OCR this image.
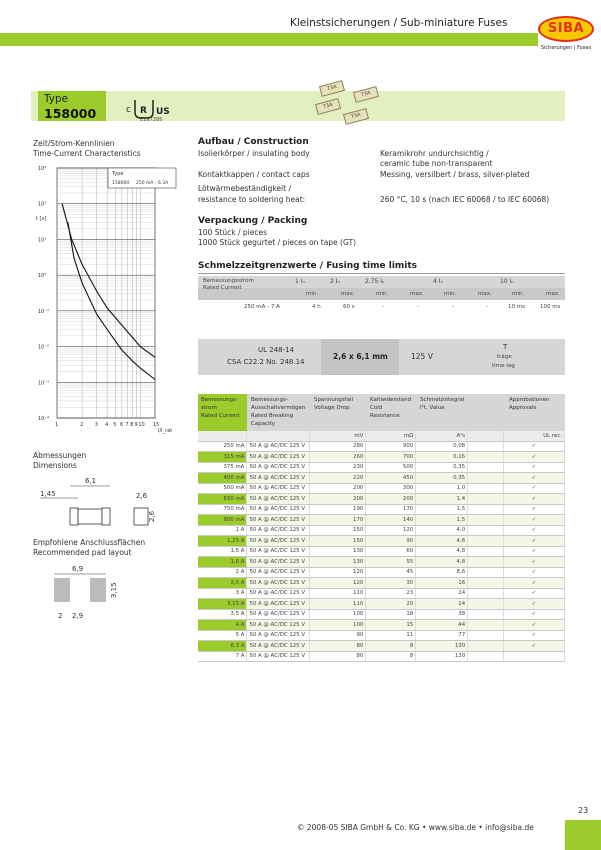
Kleinstsicherungen / Sub-miniature Fuses	SIBA
Sicherungen | Fuses
Type
158000	c R US
E167295
T3A
T3A
T3A
T3A
Zeit/Strom-Kennlinien
Time-Current Characteristics
Type
158000 250 mA - 6.3A
10³
10²
10¹
10⁰
10⁻¹
10⁻²
10⁻³
10⁻⁴
1	2 3 4 5 6 7 8 9 10 15
t [s]
I/I_rat
Abmessungen
Dimensions
6,1
1,45	2,6
2,6
Empfohlene Anschlussflächen
Recommended pad layout
6,9
3,15
2 2,9
Aufbau / Construction
Isolierkörper / insulating body	Keramikrohr undurchsichtig /
ceramic tube non-transparent
Kontaktkappen / contact caps	Messing, versilbert / brass, silver-plated
Lötwärmebeständigkeit /
resistance to soldering heat:	260 °C, 10 s (nach IEC 60068 / to IEC 60068)
Verpackung / Packing
100 Stück / pieces
1000 Stück gegurtet / pieces on tape (GT)
Schmelzzeitgrenzwerte / Fusing time limits
Bemessungsstrom
Rated Current
1 Iₙ	2 Iₙ	2,75 Iₙ	4 Iₙ	10 Iₙ
min.	max.	min.	max.	min.	max.	min.	max.
250 mA - 7 A	4 h	60 s	-	-	-	-	10 ms	100 ms
UL 248-14
CSA C22.2 No. 248.14
2,6 x 6,1 mm	125 V
T
träge
time-lag
Bemessungs-
strom
Rated Current
Bemessungs-
Ausschaltvermögen
Rated Breaking
Capacity
Spannungsfall
Voltage Drop
Kaltwiderstand
Cold
Resistance
Schmelzintegral
I²t, Value
Approbationen
Approvals
		mV	mΩ	A²s		UL rec.
250 mA	50 A @ AC/DC 125 V	280	900	0,08		✓
315 mA	50 A @ AC/DC 125 V	260	700	0,16		✓
375 mA	50 A @ AC/DC 125 V	230	500	0,35		✓
400 mA	50 A @ AC/DC 125 V	220	450	0,35		✓
500 mA	50 A @ AC/DC 125 V	200	300	1,0		✓
630 mA	50 A @ AC/DC 125 V	200	200	1,4		✓
750 mA	50 A @ AC/DC 125 V	190	170	1,5		✓
800 mA	50 A @ AC/DC 125 V	170	140	1,5		✓
1 A	50 A @ AC/DC 125 V	150	120	4,0		✓
1,25 A	50 A @ AC/DC 125 V	150	90	4,6		✓
1,5 A	50 A @ AC/DC 125 V	130	60	4,8		✓
1,6 A	50 A @ AC/DC 125 V	130	55	4,8		✓
2 A	50 A @ AC/DC 125 V	120	45	8,6		✓
2,5 A	50 A @ AC/DC 125 V	120	30	16		✓
3 A	50 A @ AC/DC 125 V	110	23	24		✓
3,15 A	50 A @ AC/DC 125 V	110	20	24		✓
3,5 A	50 A @ AC/DC 125 V	100	18	38		✓
4 A	50 A @ AC/DC 125 V	100	15	44		✓
5 A	50 A @ AC/DC 125 V	90	11	77		✓
6,3 A	50 A @ AC/DC 125 V	80	8	130		✓
7 A	50 A @ AC/DC 125 V	80	8	130		
23
© 2008-05 SIBA GmbH & Co. KG • www.siba.de • info@siba.de
